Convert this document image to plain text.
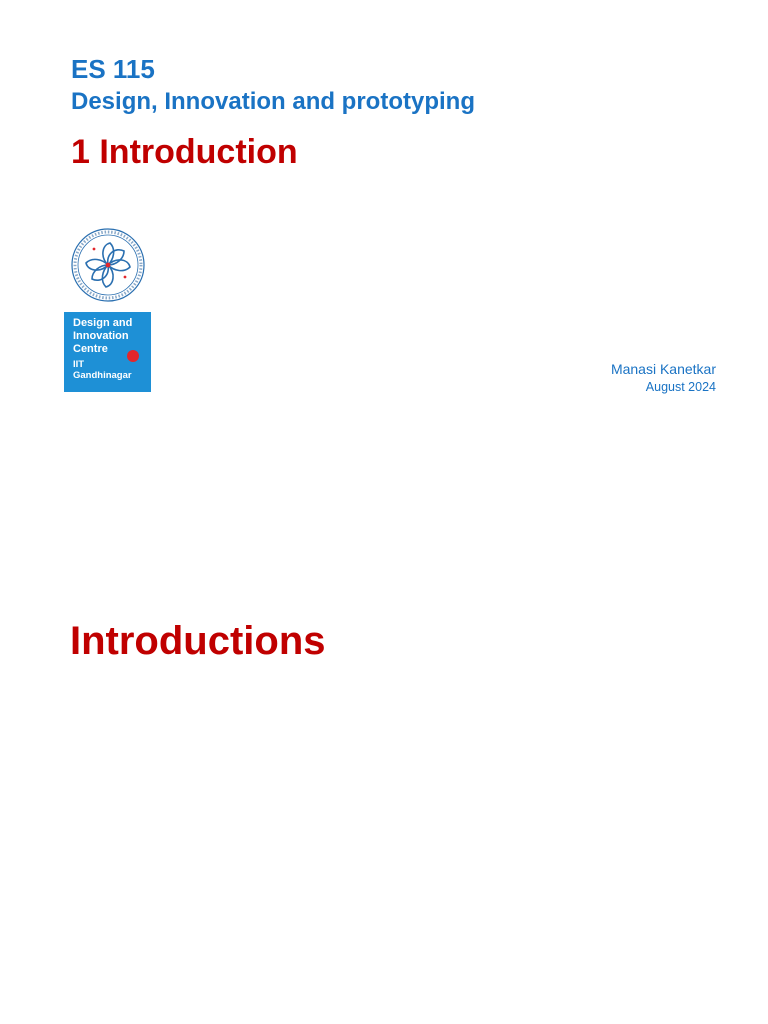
ES 115
Design, Innovation and prototyping
1 Introduction
Design and
Innovation
Centre
IIT
Gandhinagar	Manasi Kanetkar

August 2024

Introductions
